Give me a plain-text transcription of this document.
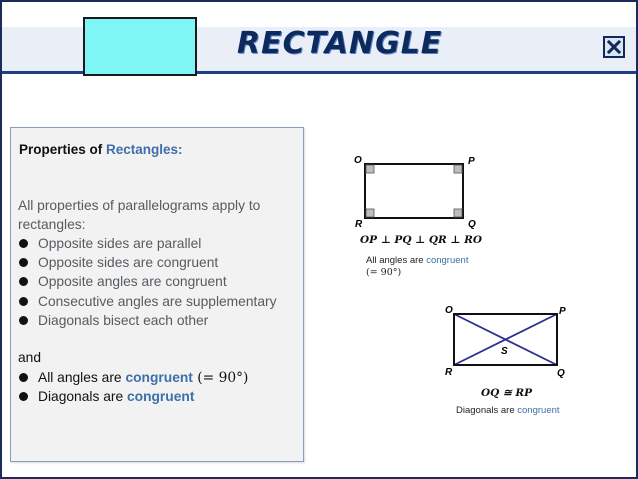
RECTANGLE
Properties of Rectangles:
All properties of parallelograms apply to rectangles:
Opposite sides are parallel
Opposite sides are congruent
Opposite angles are congruent
Consecutive angles are supplementary
Diagonals bisect each other
and
All angles are congruent (= 90°)
Diagonals are congruent
O	P
Q
R
OP ⊥ PQ ⊥ QR ⊥ RO
All angles are congruent
(= 90°)
O	P
Q
R
S
OQ ≅ RP
Diagonals are congruent
